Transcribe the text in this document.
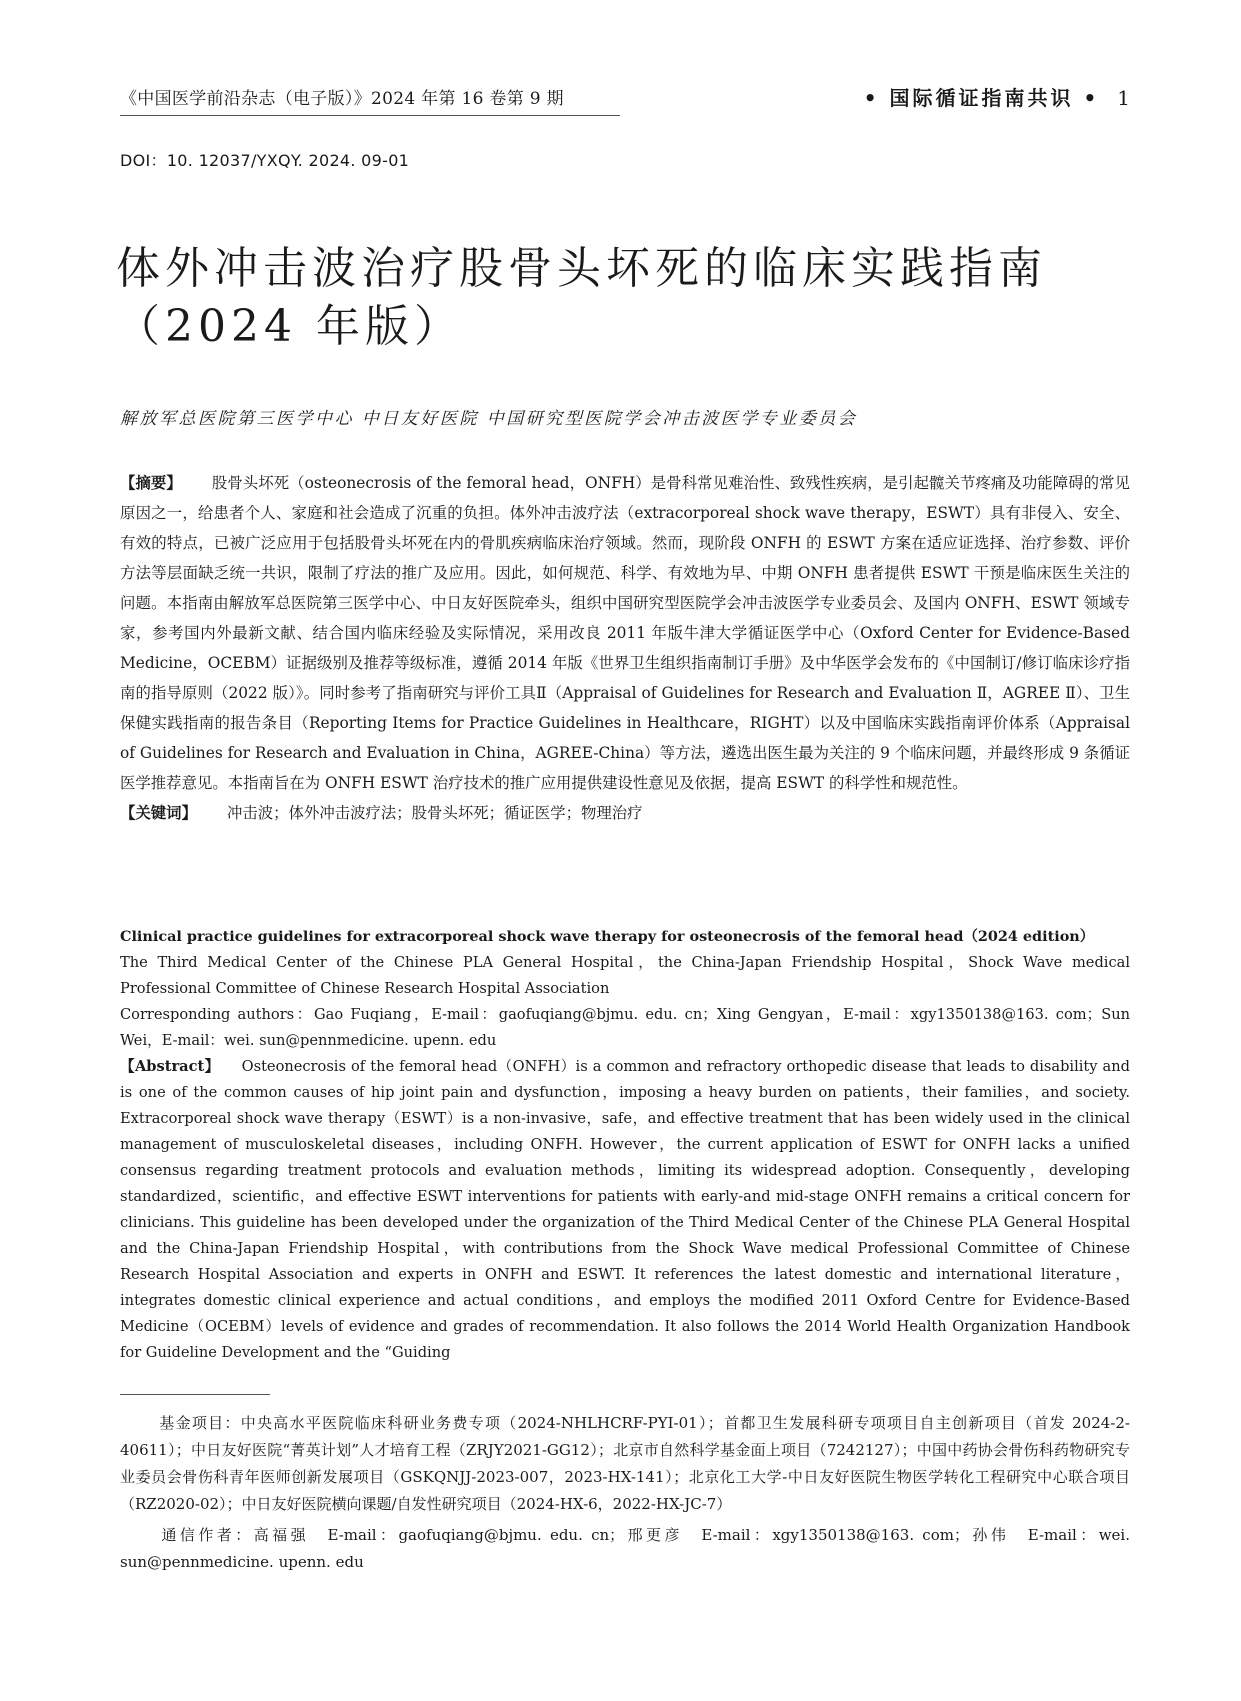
《中国医学前沿杂志（电子版）》2024 年第 16 卷第 9 期	• 国际循证指南共识 • 1
DOI：10. 12037/YXQY. 2024. 09-01
体外冲击波治疗股骨头坏死的临床实践指南
（2024 年版）
解放军总医院第三医学中心 中日友好医院 中国研究型医院学会冲击波医学专业委员会
【摘要】 股骨头坏死（osteonecrosis of the femoral head，ONFH）是骨科常见难治性、致残性疾病，是引起髋关节疼痛及功能障碍的常见原因之一，给患者个人、家庭和社会造成了沉重的负担。体外冲击波疗法（extracorporeal shock wave therapy，ESWT）具有非侵入、安全、有效的特点，已被广泛应用于包括股骨头坏死在内的骨肌疾病临床治疗领域。然而，现阶段 ONFH 的 ESWT 方案在适应证选择、治疗参数、评价方法等层面缺乏统一共识，限制了疗法的推广及应用。因此，如何规范、科学、有效地为早、中期 ONFH 患者提供 ESWT 干预是临床医生关注的问题。本指南由解放军总医院第三医学中心、中日友好医院牵头，组织中国研究型医院学会冲击波医学专业委员会、及国内 ONFH、ESWT 领域专家，参考国内外最新文献、结合国内临床经验及实际情况，采用改良 2011 年版牛津大学循证医学中心（Oxford Center for Evidence-Based Medicine，OCEBM）证据级别及推荐等级标准，遵循 2014 年版《世界卫生组织指南制订手册》及中华医学会发布的《中国制订/修订临床诊疗指南的指导原则（2022 版）》。同时参考了指南研究与评价工具Ⅱ（Appraisal of Guidelines for Research and Evaluation Ⅱ，AGREE Ⅱ）、卫生保健实践指南的报告条目（Reporting Items for Practice Guidelines in Healthcare，RIGHT）以及中国临床实践指南评价体系（Appraisal of Guidelines for Research and Evaluation in China，AGREE-China）等方法，遴选出医生最为关注的 9 个临床问题，并最终形成 9 条循证医学推荐意见。本指南旨在为 ONFH ESWT 治疗技术的推广应用提供建设性意见及依据，提高 ESWT 的科学性和规范性。
【关键词】 冲击波；体外冲击波疗法；股骨头坏死；循证医学；物理治疗
Clinical practice guidelines for extracorporeal shock wave therapy for osteonecrosis of the femoral head（2024 edition）
The Third Medical Center of the Chinese PLA General Hospital，the China-Japan Friendship Hospital，Shock Wave medical Professional Committee of Chinese Research Hospital Association
Corresponding authors：Gao Fuqiang，E-mail：gaofuqiang@bjmu. edu. cn；Xing Gengyan，E-mail：xgy1350138@163. com；Sun Wei，E-mail：wei. sun@pennmedicine. upenn. edu
【Abstract】 Osteonecrosis of the femoral head（ONFH）is a common and refractory orthopedic disease that leads to disability and is one of the common causes of hip joint pain and dysfunction，imposing a heavy burden on patients，their families，and society. Extracorporeal shock wave therapy（ESWT）is a non-invasive，safe，and effective treatment that has been widely used in the clinical management of musculoskeletal diseases，including ONFH. However，the current application of ESWT for ONFH lacks a unified consensus regarding treatment protocols and evaluation methods，limiting its widespread adoption. Consequently，developing standardized，scientific，and effective ESWT interventions for patients with early-and mid-stage ONFH remains a critical concern for clinicians. This guideline has been developed under the organization of the Third Medical Center of the Chinese PLA General Hospital and the China-Japan Friendship Hospital，with contributions from the Shock Wave medical Professional Committee of Chinese Research Hospital Association and experts in ONFH and ESWT. It references the latest domestic and international literature，integrates domestic clinical experience and actual conditions，and employs the modified 2011 Oxford Centre for Evidence-Based Medicine（OCEBM）levels of evidence and grades of recommendation. It also follows the 2014 World Health Organization Handbook for Guideline Development and the “Guiding

基金项目：中央高水平医院临床科研业务费专项（2024-NHLHCRF-PYI-01）；首都卫生发展科研专项项目自主创新项目（首发 2024-2-40611）；中日友好医院“菁英计划”人才培育工程（ZRJY2021-GG12）；北京市自然科学基金面上项目（7242127）；中国中药协会骨伤科药物研究专业委员会骨伤科青年医师创新发展项目（GSKQNJJ-2023-007，2023-HX-141）；北京化工大学-中日友好医院生物医学转化工程研究中心联合项目（RZ2020-02）；中日友好医院横向课题/自发性研究项目（2024-HX-6，2022-HX-JC-7）

通信作者：高福强　E-mail：gaofuqiang@bjmu. edu. cn；邢更彦　E-mail：xgy1350138@163. com；孙伟　E-mail：wei. sun@pennmedicine. upenn. edu
